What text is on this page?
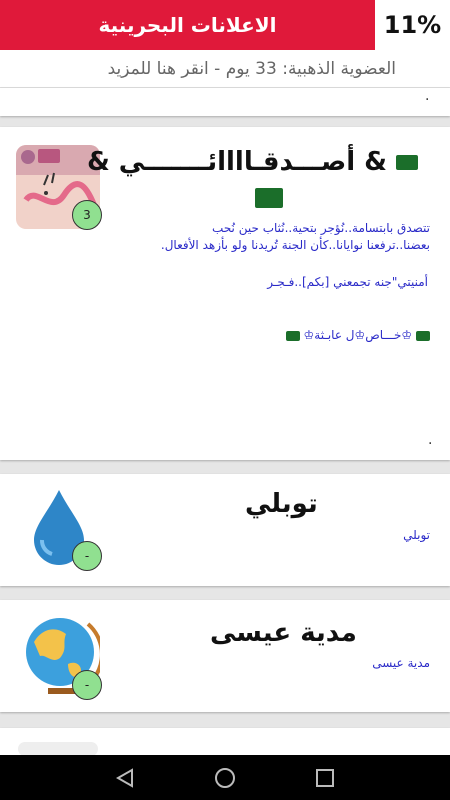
الاعلانات البحرينية	11%
العضوية الذهبية: 33 يوم - انقر هنا للمزيد
.
3
& أصـــدقـاااائـــــــي &
تتصدق بابتسامة..نُؤجر بتحية..نُثاب حين نُحب
بعضنا..ترفعنا نوايانا..كأن الجنة تُريدنا ولو بأزهد الأفعال.
أمنيتي"جنه تجمعني [بكم]..فـجـر
♔خـــاص♔ل عابـثة♔
.
-
توبلي
توبلي
-
مدية عيسى
مدية عيسى
